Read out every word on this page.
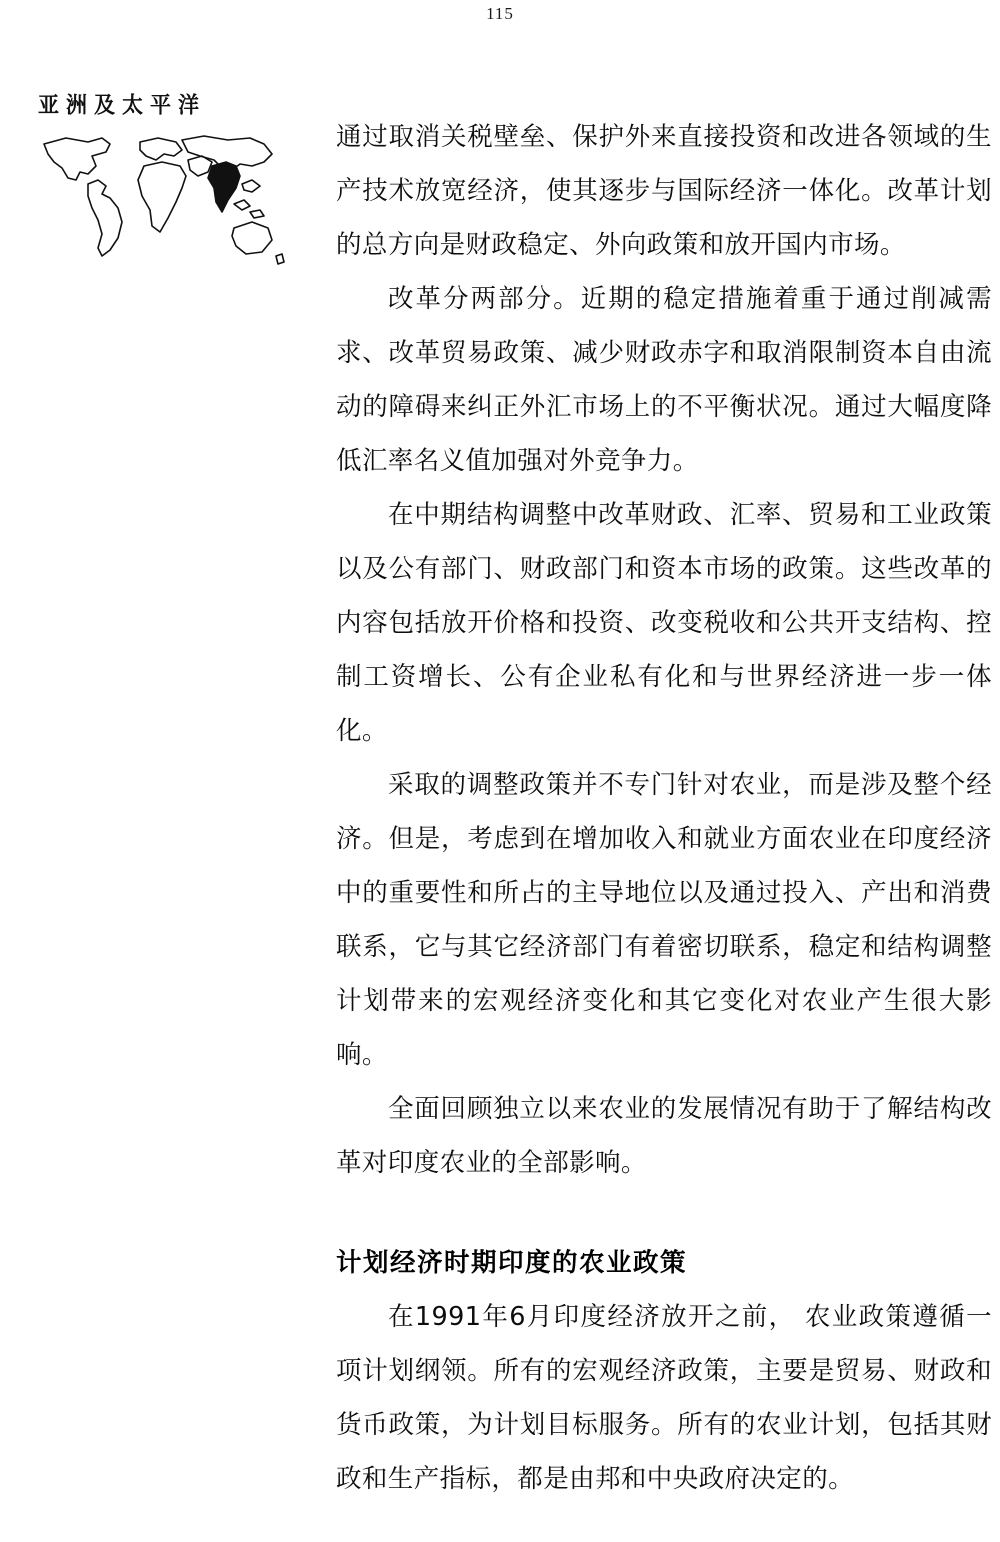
115
亚洲及太平洋

通过取消关税壁垒、保护外来直接投资和改进各领域的生产技术放宽经济，使其逐步与国际经济一体化。改革计划的总方向是财政稳定、外向政策和放开国内市场。

改革分两部分。近期的稳定措施着重于通过削减需求、改革贸易政策、减少财政赤字和取消限制资本自由流动的障碍来纠正外汇市场上的不平衡状况。通过大幅度降低汇率名义值加强对外竞争力。

在中期结构调整中改革财政、汇率、贸易和工业政策以及公有部门、财政部门和资本市场的政策。这些改革的内容包括放开价格和投资、改变税收和公共开支结构、控制工资增长、公有企业私有化和与世界经济进一步一体化。

采取的调整政策并不专门针对农业，而是涉及整个经济。但是，考虑到在增加收入和就业方面农业在印度经济中的重要性和所占的主导地位以及通过投入、产出和消费联系，它与其它经济部门有着密切联系，稳定和结构调整计划带来的宏观经济变化和其它变化对农业产生很大影响。

全面回顾独立以来农业的发展情况有助于了解结构改革对印度农业的全部影响。

计划经济时期印度的农业政策

在1991年6月印度经济放开之前， 农业政策遵循一项计划纲领。所有的宏观经济政策，主要是贸易、财政和货币政策，为计划目标服务。所有的农业计划，包括其财政和生产指标，都是由邦和中央政府决定的。
